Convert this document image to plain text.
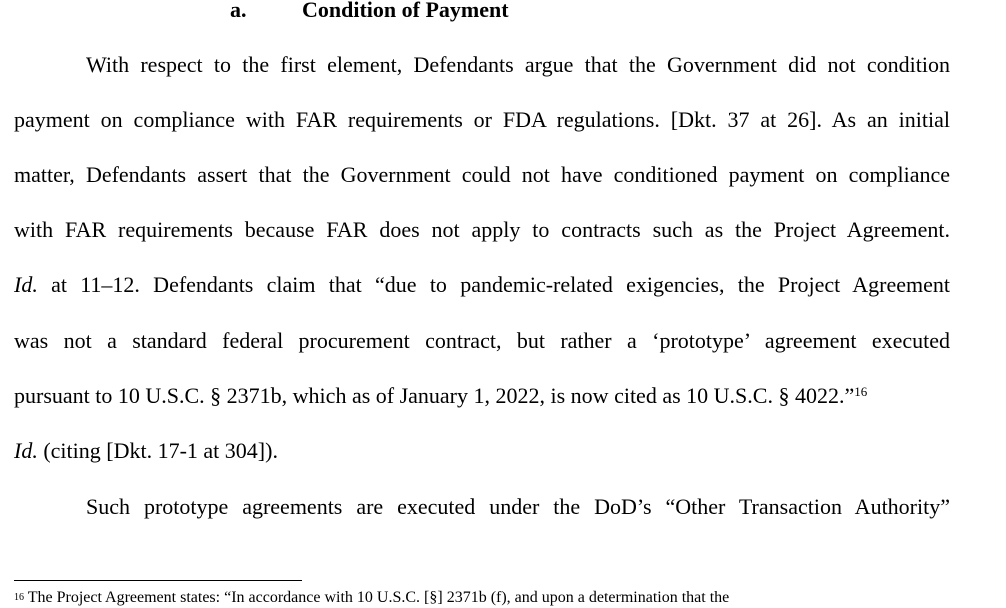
a.	Condition of Payment
With respect to the first element, Defendants argue that the Government did not condition
payment on compliance with FAR requirements or FDA regulations. [Dkt. 37 at 26]. As an initial
matter, Defendants assert that the Government could not have conditioned payment on compliance
with FAR requirements because FAR does not apply to contracts such as the Project Agreement.
Id. at 11–12. Defendants claim that “due to pandemic-related exigencies, the Project Agreement
was not a standard federal procurement contract, but rather a ‘prototype’ agreement executed
pursuant to 10 U.S.C. § 2371b, which as of January 1, 2022, is now cited as 10 U.S.C. § 4022.”$^{16}$
Id. (citing [Dkt. 17-1 at 304]).
Such prototype agreements are executed under the DoD’s “Other Transaction Authority”
$^{16}$ The Project Agreement states: “In accordance with 10 U.S.C. [§] 2371b (f), and upon a determination that the
